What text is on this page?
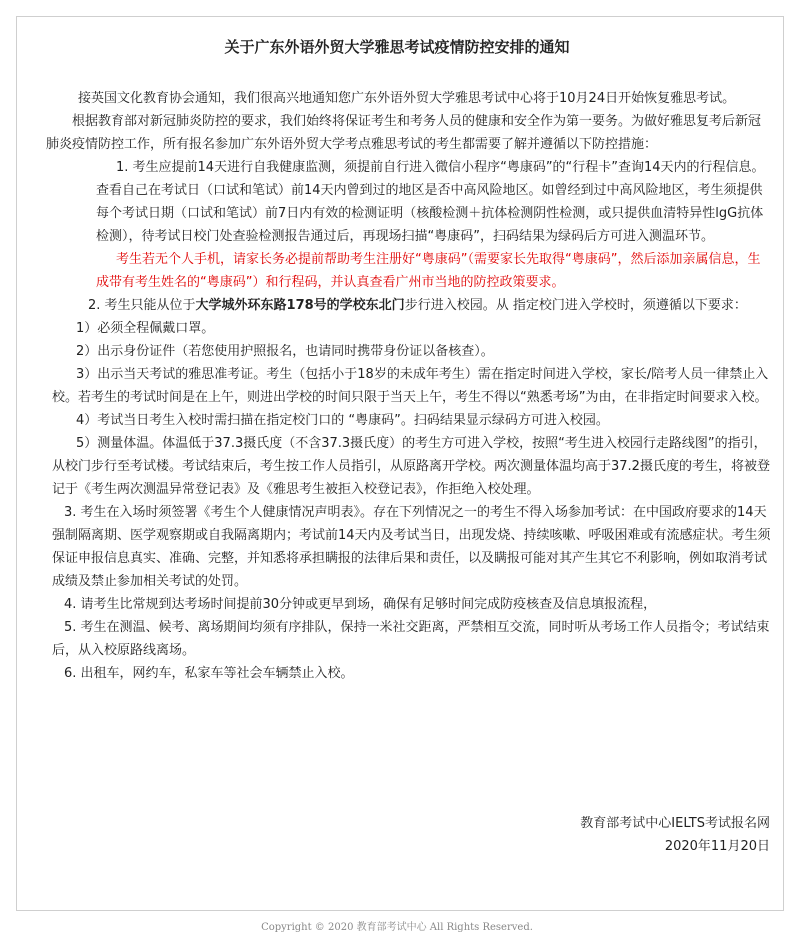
关于广东外语外贸大学雅思考试疫情防控安排的通知

接英国文化教育协会通知，我们很高兴地通知您广东外语外贸大学雅思考试中心将于10月24日开始恢复雅思考试。

根据教育部对新冠肺炎防控的要求，我们始终将保证考生和考务人员的健康和安全作为第一要务。为做好雅思复考后新冠肺炎疫情防控工作，所有报名参加广东外语外贸大学考点雅思考试的考生都需要了解并遵循以下防控措施：

1. 考生应提前14天进行自我健康监测，须提前自行进入微信小程序“粤康码”的“行程卡”查询14天内的行程信息。查看自己在考试日（口试和笔试）前14天内曾到过的地区是否中高风险地区。如曾经到过中高风险地区，考生须提供每个考试日期（口试和笔试）前7日内有效的检测证明（核酸检测＋抗体检测阴性检测，或只提供血清特异性lgG抗体检测），待考试日校门处查验检测报告通过后，再现场扫描“粤康码”，扫码结果为绿码后方可进入测温环节。

考生若无个人手机，请家长务必提前帮助考生注册好“粤康码”（需要家长先取得“粤康码”，然后添加亲属信息，生成带有考生姓名的“粤康码”）和行程码，并认真查看广州市当地的防控政策要求。

2. 考生只能从位于大学城外环东路178号的学校东北门步行进入校园。从 指定校门进入学校时，须遵循以下要求：

1）必须全程佩戴口罩。

2）出示身份证件（若您使用护照报名，也请同时携带身份证以备核查）。

3）出示当天考试的雅思准考证。考生（包括小于18岁的未成年考生）需在指定时间进入学校，家长/陪考人员一律禁止入校。若考生的考试时间是在上午，则进出学校的时间只限于当天上午，考生不得以“熟悉考场”为由，在非指定时间要求入校。

4）考试当日考生入校时需扫描在指定校门口的 “粤康码”。扫码结果显示绿码方可进入校园。

5）测量体温。体温低于37.3摄氏度（不含37.3摄氏度）的考生方可进入学校，按照“考生进入校园行走路线图”的指引，从校门步行至考试楼。考试结束后，考生按工作人员指引，从原路离开学校。两次测量体温均高于37.2摄氏度的考生，将被登记于《考生两次测温异常登记表》及《雅思考生被拒入校登记表》，作拒绝入校处理。

3. 考生在入场时须签署《考生个人健康情况声明表》。存在下列情况之一的考生不得入场参加考试：在中国政府要求的14天强制隔离期、医学观察期或自我隔离期内；考试前14天内及考试当日，出现发烧、持续咳嗽、呼吸困难或有流感症状。考生须保证申报信息真实、准确、完整，并知悉将承担瞒报的法律后果和责任，以及瞒报可能对其产生其它不利影响，例如取消考试成绩及禁止参加相关考试的处罚。

4. 请考生比常规到达考场时间提前30分钟或更早到场，确保有足够时间完成防疫核查及信息填报流程，

5. 考生在测温、候考、离场期间均须有序排队，保持一米社交距离，严禁相互交流，同时听从考场工作人员指令；考试结束后，从入校原路线离场。

6. 出租车，网约车，私家车等社会车辆禁止入校。

教育部考试中心IELTS考试报名网
2020年11月20日
Copyright © 2020 教育部考试中心 All Rights Reserved.
